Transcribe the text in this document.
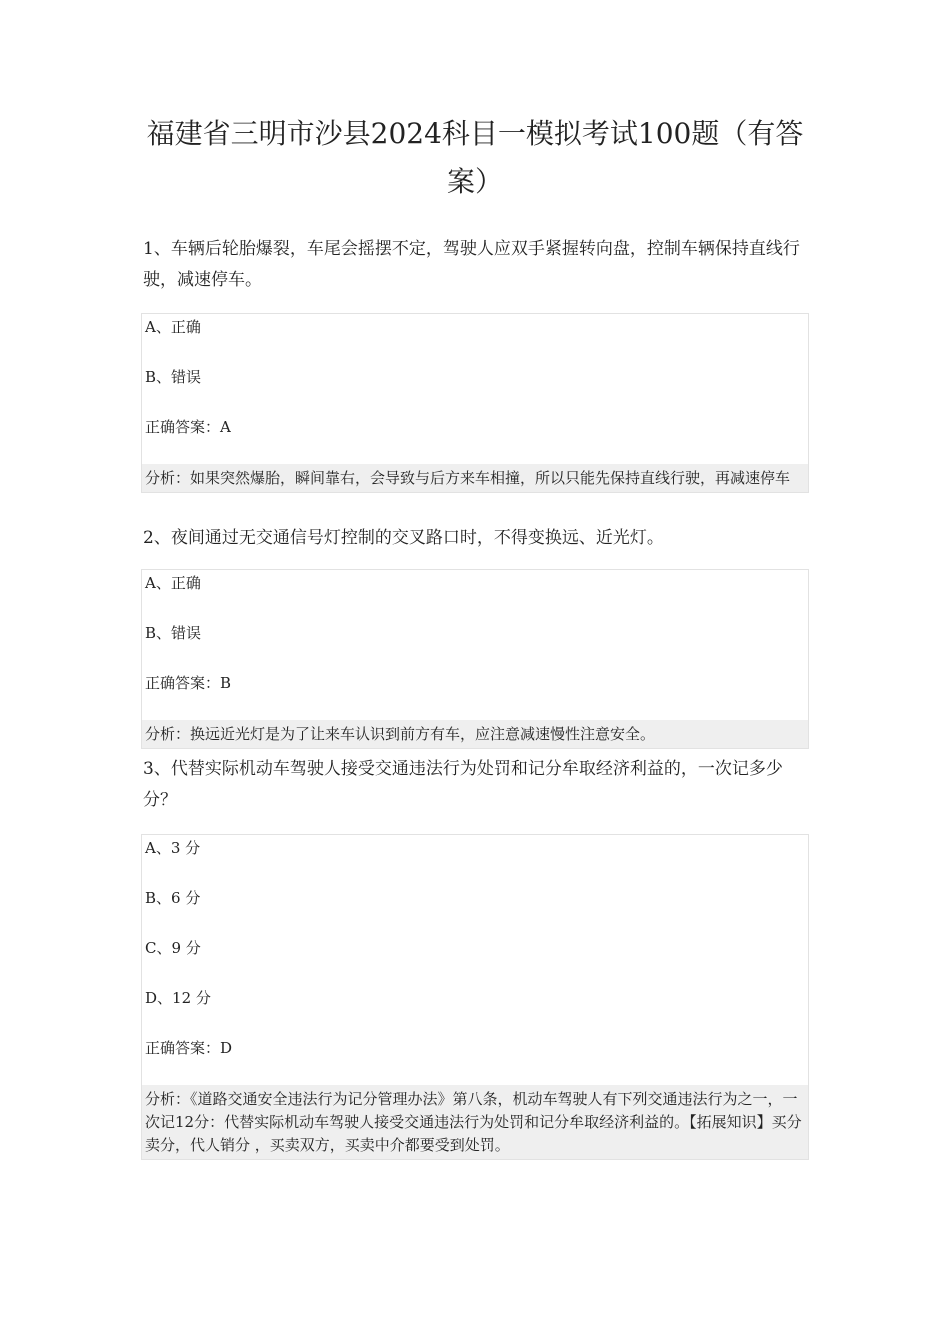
福建省三明市沙县2024科目一模拟考试100题（有答案）
1、车辆后轮胎爆裂，车尾会摇摆不定，驾驶人应双手紧握转向盘，控制车辆保持直线行驶，减速停车。
A、正确
B、错误
正确答案：A
分析：如果突然爆胎，瞬间靠右，会导致与后方来车相撞，所以只能先保持直线行驶，再减速停车
2、夜间通过无交通信号灯控制的交叉路口时，不得变换远、近光灯。
A、正确
B、错误
正确答案：B
分析：换远近光灯是为了让来车认识到前方有车，应注意减速慢性注意安全。
3、代替实际机动车驾驶人接受交通违法行为处罚和记分牟取经济利益的，一次记多少分？
A、3 分
B、6 分
C、9 分
D、12 分
正确答案：D
分析：《道路交通安全违法行为记分管理办法》第八条，机动车驾驶人有下列交通违法行为之一，一次记12分：代替实际机动车驾驶人接受交通违法行为处罚和记分牟取经济利益的。【拓展知识】买分卖分，代人销分 ，买卖双方，买卖中介都要受到处罚。
